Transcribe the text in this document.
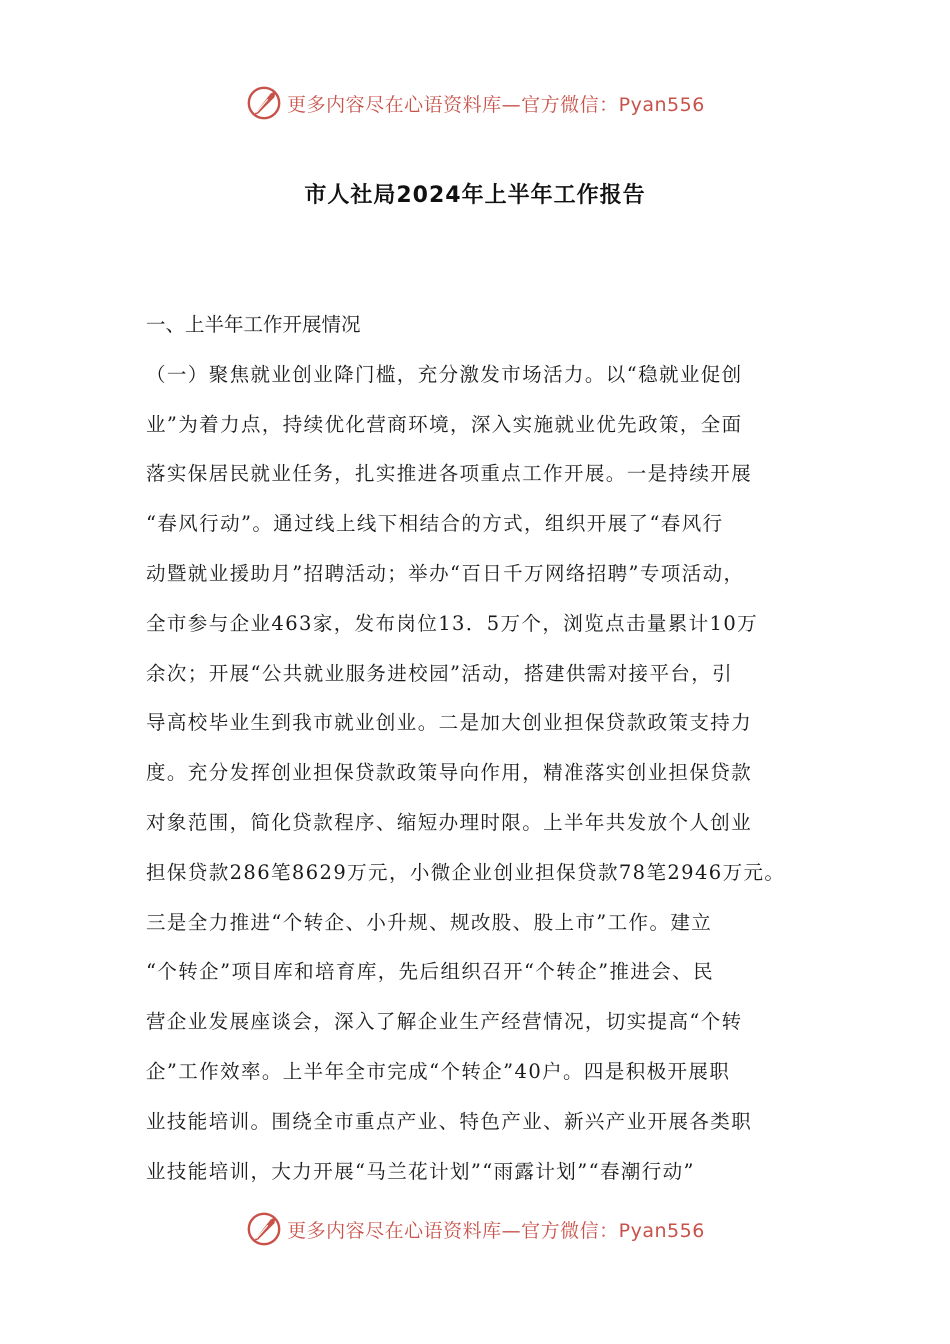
更多内容尽在心语资料库—官方微信：Pyan556
市人社局2024年上半年工作报告

一、上半年工作开展情况

（一）聚焦就业创业降门槛，充分激发市场活力。以“稳就业促创
业”为着力点，持续优化营商环境，深入实施就业优先政策，全面
落实保居民就业任务，扎实推进各项重点工作开展。一是持续开展
“春风行动”。通过线上线下相结合的方式，组织开展了“春风行
动暨就业援助月”招聘活动；举办“百日千万网络招聘”专项活动，
全市参与企业463家，发布岗位13．5万个，浏览点击量累计10万
余次；开展“公共就业服务进校园”活动，搭建供需对接平台，引
导高校毕业生到我市就业创业。二是加大创业担保贷款政策支持力
度。充分发挥创业担保贷款政策导向作用，精准落实创业担保贷款
对象范围，简化贷款程序、缩短办理时限。上半年共发放个人创业
担保贷款286笔8629万元，小微企业创业担保贷款78笔2946万元。
三是全力推进“个转企、小升规、规改股、股上市”工作。建立
“个转企”项目库和培育库，先后组织召开“个转企”推进会、民
营企业发展座谈会，深入了解企业生产经营情况，切实提高“个转
企”工作效率。上半年全市完成“个转企”40户。四是积极开展职
业技能培训。围绕全市重点产业、特色产业、新兴产业开展各类职
业技能培训，大力开展“马兰花计划”“雨露计划”“春潮行动”

更多内容尽在心语资料库—官方微信：Pyan556
